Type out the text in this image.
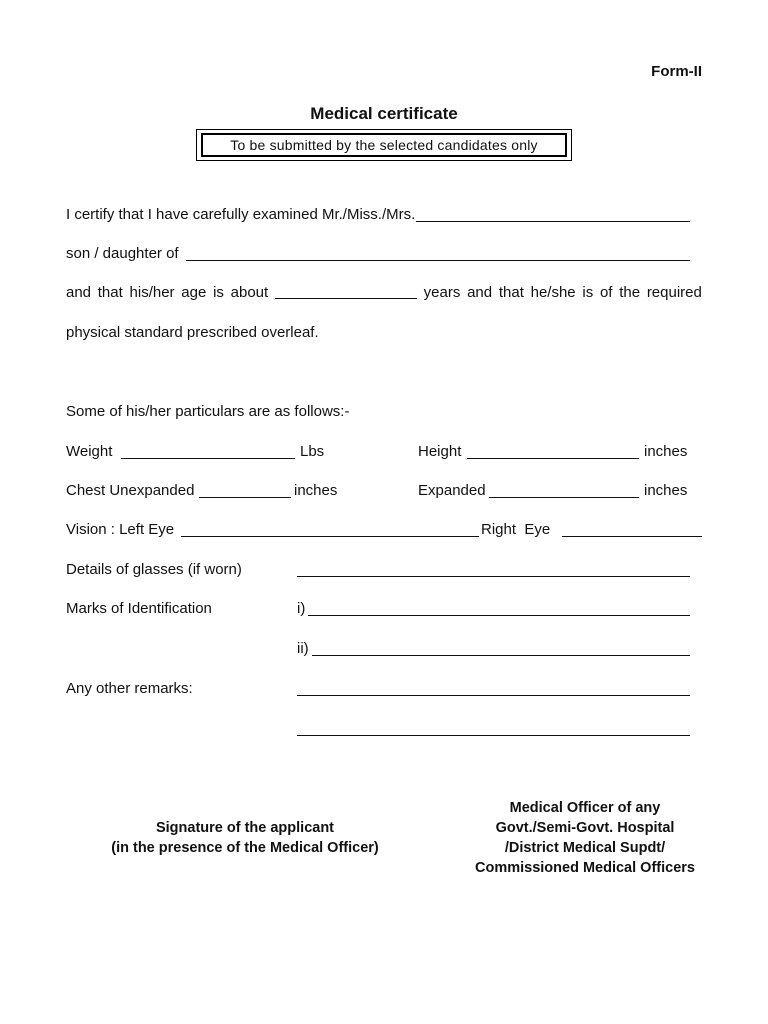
Form-II
Medical certificate
To be submitted by the selected candidates only
I certify that I have carefully examined Mr./Miss./Mrs.
son / daughter of
and that his/her age is about	years and that he/she is of the required
physical standard prescribed overleaf.
Some of his/her particulars are as follows:-
Weight	Lbs	Height	inches
Chest Unexpanded	inches	Expanded	inches
Vision : Left Eye	Right  Eye
Details of glasses (if worn)
Marks of Identification	i)
ii)
Any other remarks:
Signature of the applicant
(in the presence of the Medical Officer)
Medical Officer of any
Govt./Semi-Govt. Hospital
/District Medical Supdt/
Commissioned Medical Officers
